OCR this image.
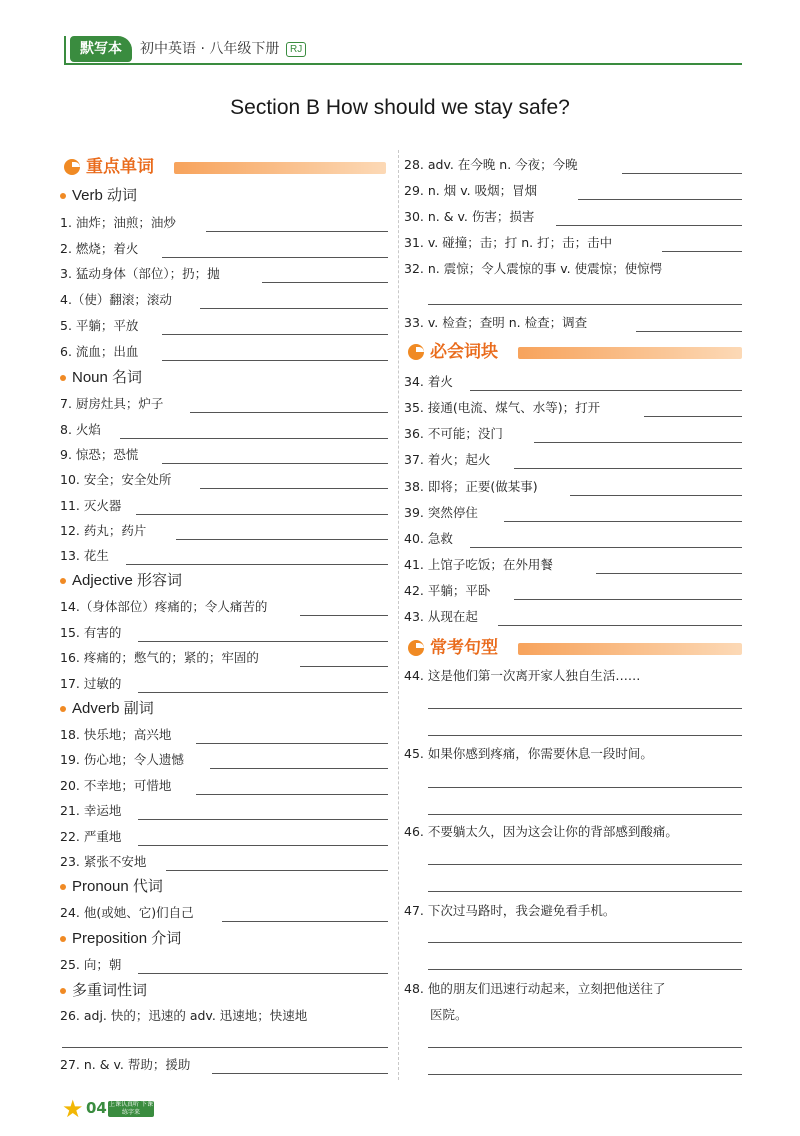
默写本	初中英语 · 八年级下册	RJ
Section B How should we stay safe?
重点单词
Verb 动词
1. 油炸；油煎；油炒
2. 燃烧；着火
3. 猛动身体（部位）；扔；抛
4.（使）翻滚；滚动
5. 平躺；平放
6. 流血；出血
Noun 名词
7. 厨房灶具；炉子
8. 火焰
9. 惊恐；恐慌
10. 安全；安全处所
11. 灭火器
12. 药丸；药片
13. 花生
Adjective 形容词
14.（身体部位）疼痛的；令人痛苦的
15. 有害的
16. 疼痛的；憋气的；紧的；牢固的
17. 过敏的
Adverb 副词
18. 快乐地；高兴地
19. 伤心地；令人遗憾
20. 不幸地；可惜地
21. 幸运地
22. 严重地
23. 紧张不安地
Pronoun 代词
24. 他(或她、它)们自己
Preposition 介词
25. 向；朝
多重词性词
26. adj. 快的；迅速的 adv. 迅速地；快速地
27. n. & v. 帮助；援助
28. adv. 在今晚 n. 今夜；今晚
29. n. 烟 v. 吸烟；冒烟
30. n. & v. 伤害；损害
31. v. 碰撞；击；打 n. 打；击；击中
32. n. 震惊；令人震惊的事 v. 使震惊；使惊愕
33. v. 检查；查明 n. 检查；调查
必会词块
34. 着火
35. 接通(电流、煤气、水等)；打开
36. 不可能；没门
37. 着火；起火
38. 即将；正要(做某事)
39. 突然停住
40. 急救
41. 上馆子吃饭；在外用餐
42. 平躺；平卧
43. 从现在起
常考句型
44. 这是他们第一次离开家人独自生活……
45. 如果你感到疼痛，你需要休息一段时间。
46. 不要躺太久，因为这会让你的背部感到酸痛。
47. 下次过马路时，我会避免看手机。
48. 他的朋友们迅速行动起来，立刻把他送往了
医院。
★ 04 上课认真听 下课练字来
